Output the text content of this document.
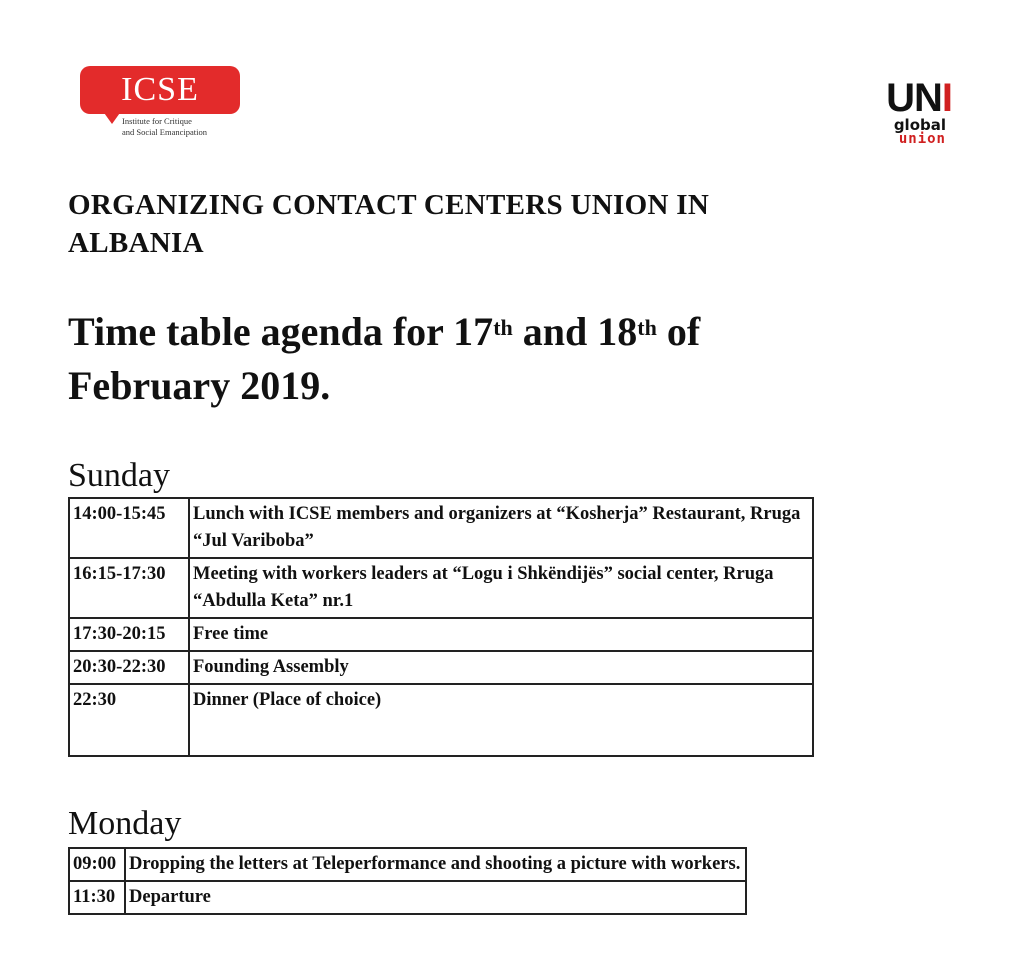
ICSE
Institute for Critique
and Social Emancipation
UNI
global
union
ORGANIZING CONTACT CENTERS UNION IN
ALBANIA
Time table agenda for 17th and 18th of
February 2019.
Sunday
14:00-15:45	Lunch with ICSE members and organizers at “Kosherja” Restaurant, Rruga “Jul Variboba”
16:15-17:30	Meeting with workers leaders at “Logu i Shkëndijës” social center, Rruga “Abdulla Keta” nr.1
17:30-20:15	Free time
20:30-22:30	Founding Assembly
22:30	Dinner (Place of choice)
Monday
09:00	Dropping the letters at Teleperformance and shooting a picture with workers.
11:30	Departure
